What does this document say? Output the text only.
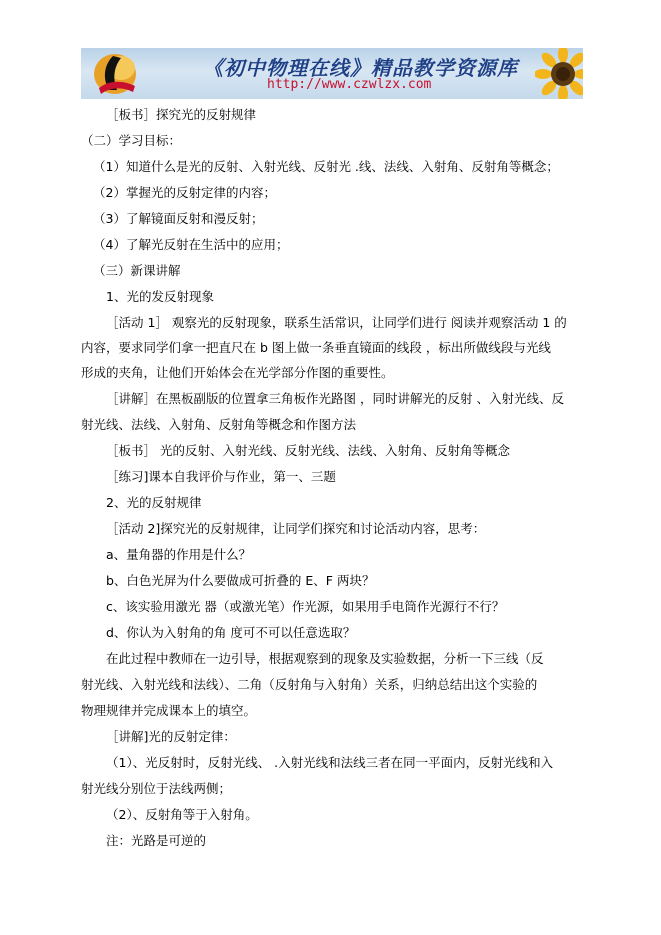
《初中物理在线》精品教学资源库
http://www.czwlzx.com

［板书］探究光的反射规律

（二）学习目标：

（1）知道什么是光的反射、入射光线、反射光 .线、法线、入射角、反射角等概念；

（2）掌握光的反射定律的内容；

（3）了解镜面反射和漫反射；

（4）了解光反射在生活中的应用；

（三）新课讲解

1、光的发反射现象

［活动 1］ 观察光的反射现象，联系生活常识，让同学们进行 阅读并观察活动 1 的

内容，要求同学们拿一把直尺在 b 图上做一条垂直镜面的线段 ，标出所做线段与光线

形成的夹角，让他们开始体会在光学部分作图的重要性。

［讲解］在黑板副版的位置拿三角板作光路图 ，同时讲解光的反射 、入射光线、反

射光线、法线、入射角、反射角等概念和作图方法

［板书］ 光的反射、入射光线、反射光线、法线、入射角、反射角等概念

［练习]课本自我评价与作业，第一、三题

2、光的反射规律

［活动 2]探究光的反射规律，让同学们探究和讨论活动内容，思考：

a、量角器的作用是什么？

b、白色光屏为什么要做成可折叠的 E、F 两块？

c、该实验用激光 器（或激光笔）作光源，如果用手电筒作光源行不行？

d、你认为入射角的角 度可不可以任意选取？

在此过程中教师在一边引导，根据观察到的现象及实验数据，分析一下三线（反

射光线、入射光线和法线）、二角（反射角与入射角）关系，归纳总结出这个实验的

物理规律并完成课本上的填空。

［讲解]光的反射定律：

（1）、光反射时，反射光线、 .入射光线和法线三者在同一平面内，反射光线和入

射光线分别位于法线两侧；

（2）、反射角等于入射角。

注：光路是可逆的
